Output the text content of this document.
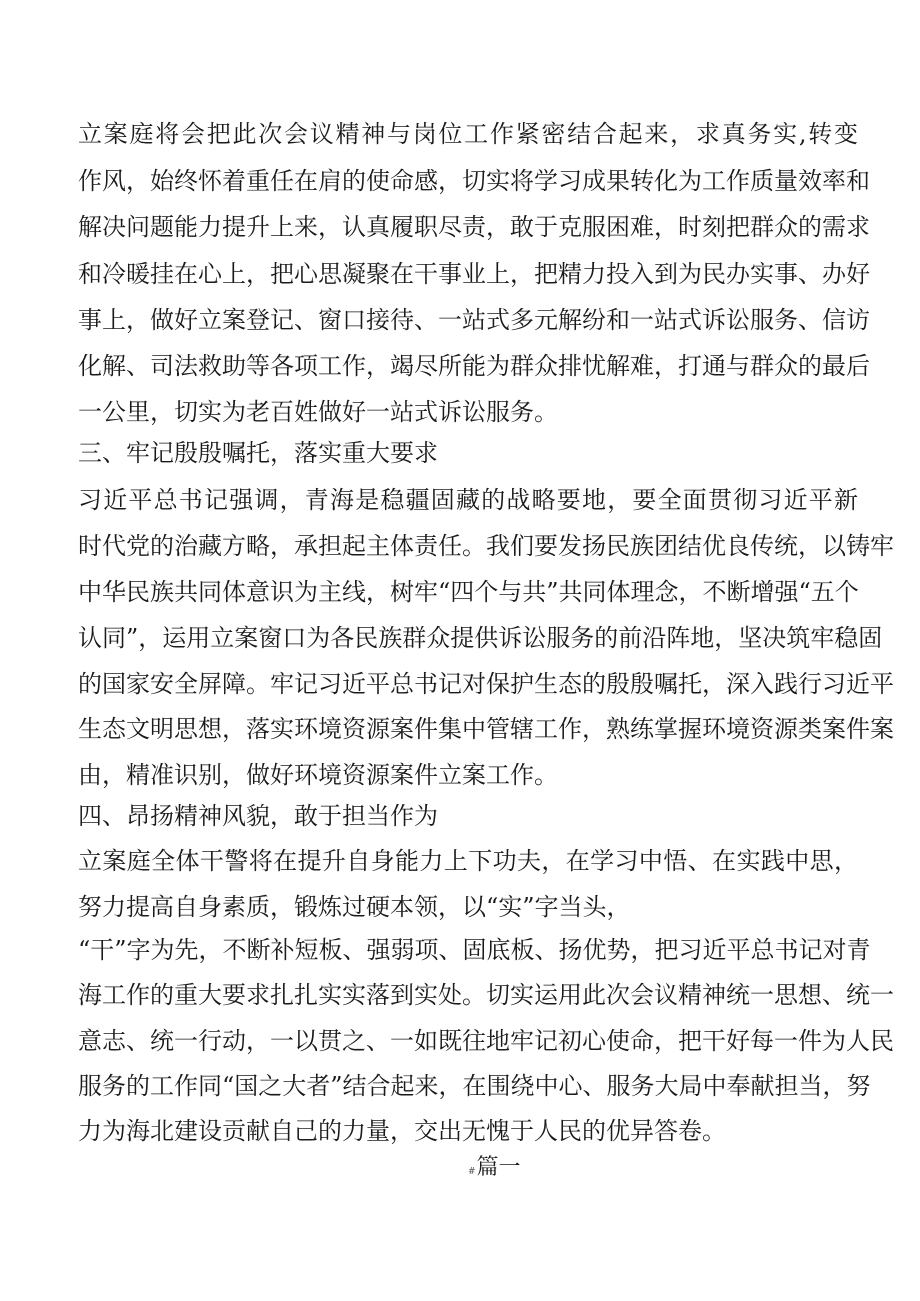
立案庭将会把此次会议精神与岗位工作紧密结合起来，求真务实,转变
作风，始终怀着重任在肩的使命感，切实将学习成果转化为工作质量效率和
解决问题能力提升上来，认真履职尽责，敢于克服困难，时刻把群众的需求
和冷暖挂在心上，把心思凝聚在干事业上，把精力投入到为民办实事、办好
事上，做好立案登记、窗口接待、一站式多元解纷和一站式诉讼服务、信访
化解、司法救助等各项工作，竭尽所能为群众排忧解难，打通与群众的最后
一公里，切实为老百姓做好一站式诉讼服务。
三、牢记殷殷嘱托，落实重大要求
习近平总书记强调，青海是稳疆固藏的战略要地，要全面贯彻习近平新
时代党的治藏方略，承担起主体责任。我们要发扬民族团结优良传统，以铸牢
中华民族共同体意识为主线，树牢“四个与共”共同体理念，不断增强“五个
认同”，运用立案窗口为各民族群众提供诉讼服务的前沿阵地，坚决筑牢稳固
的国家安全屏障。牢记习近平总书记对保护生态的殷殷嘱托，深入践行习近平
生态文明思想，落实环境资源案件集中管辖工作，熟练掌握环境资源类案件案
由，精准识别，做好环境资源案件立案工作。
四、昂扬精神风貌，敢于担当作为
立案庭全体干警将在提升自身能力上下功夫，在学习中悟、在实践中思，
努力提高自身素质，锻炼过硬本领，以“实”字当头，
“干”字为先，不断补短板、强弱项、固底板、扬优势，把习近平总书记对青
海工作的重大要求扎扎实实落到实处。切实运用此次会议精神统一思想、统一
意志、统一行动，一以贯之、一如既往地牢记初心使命，把干好每一件为人民
服务的工作同“国之大者”结合起来，在围绕中心、服务大局中奉献担当，努
力为海北建设贡献自己的力量，交出无愧于人民的优异答卷。
#篇一
